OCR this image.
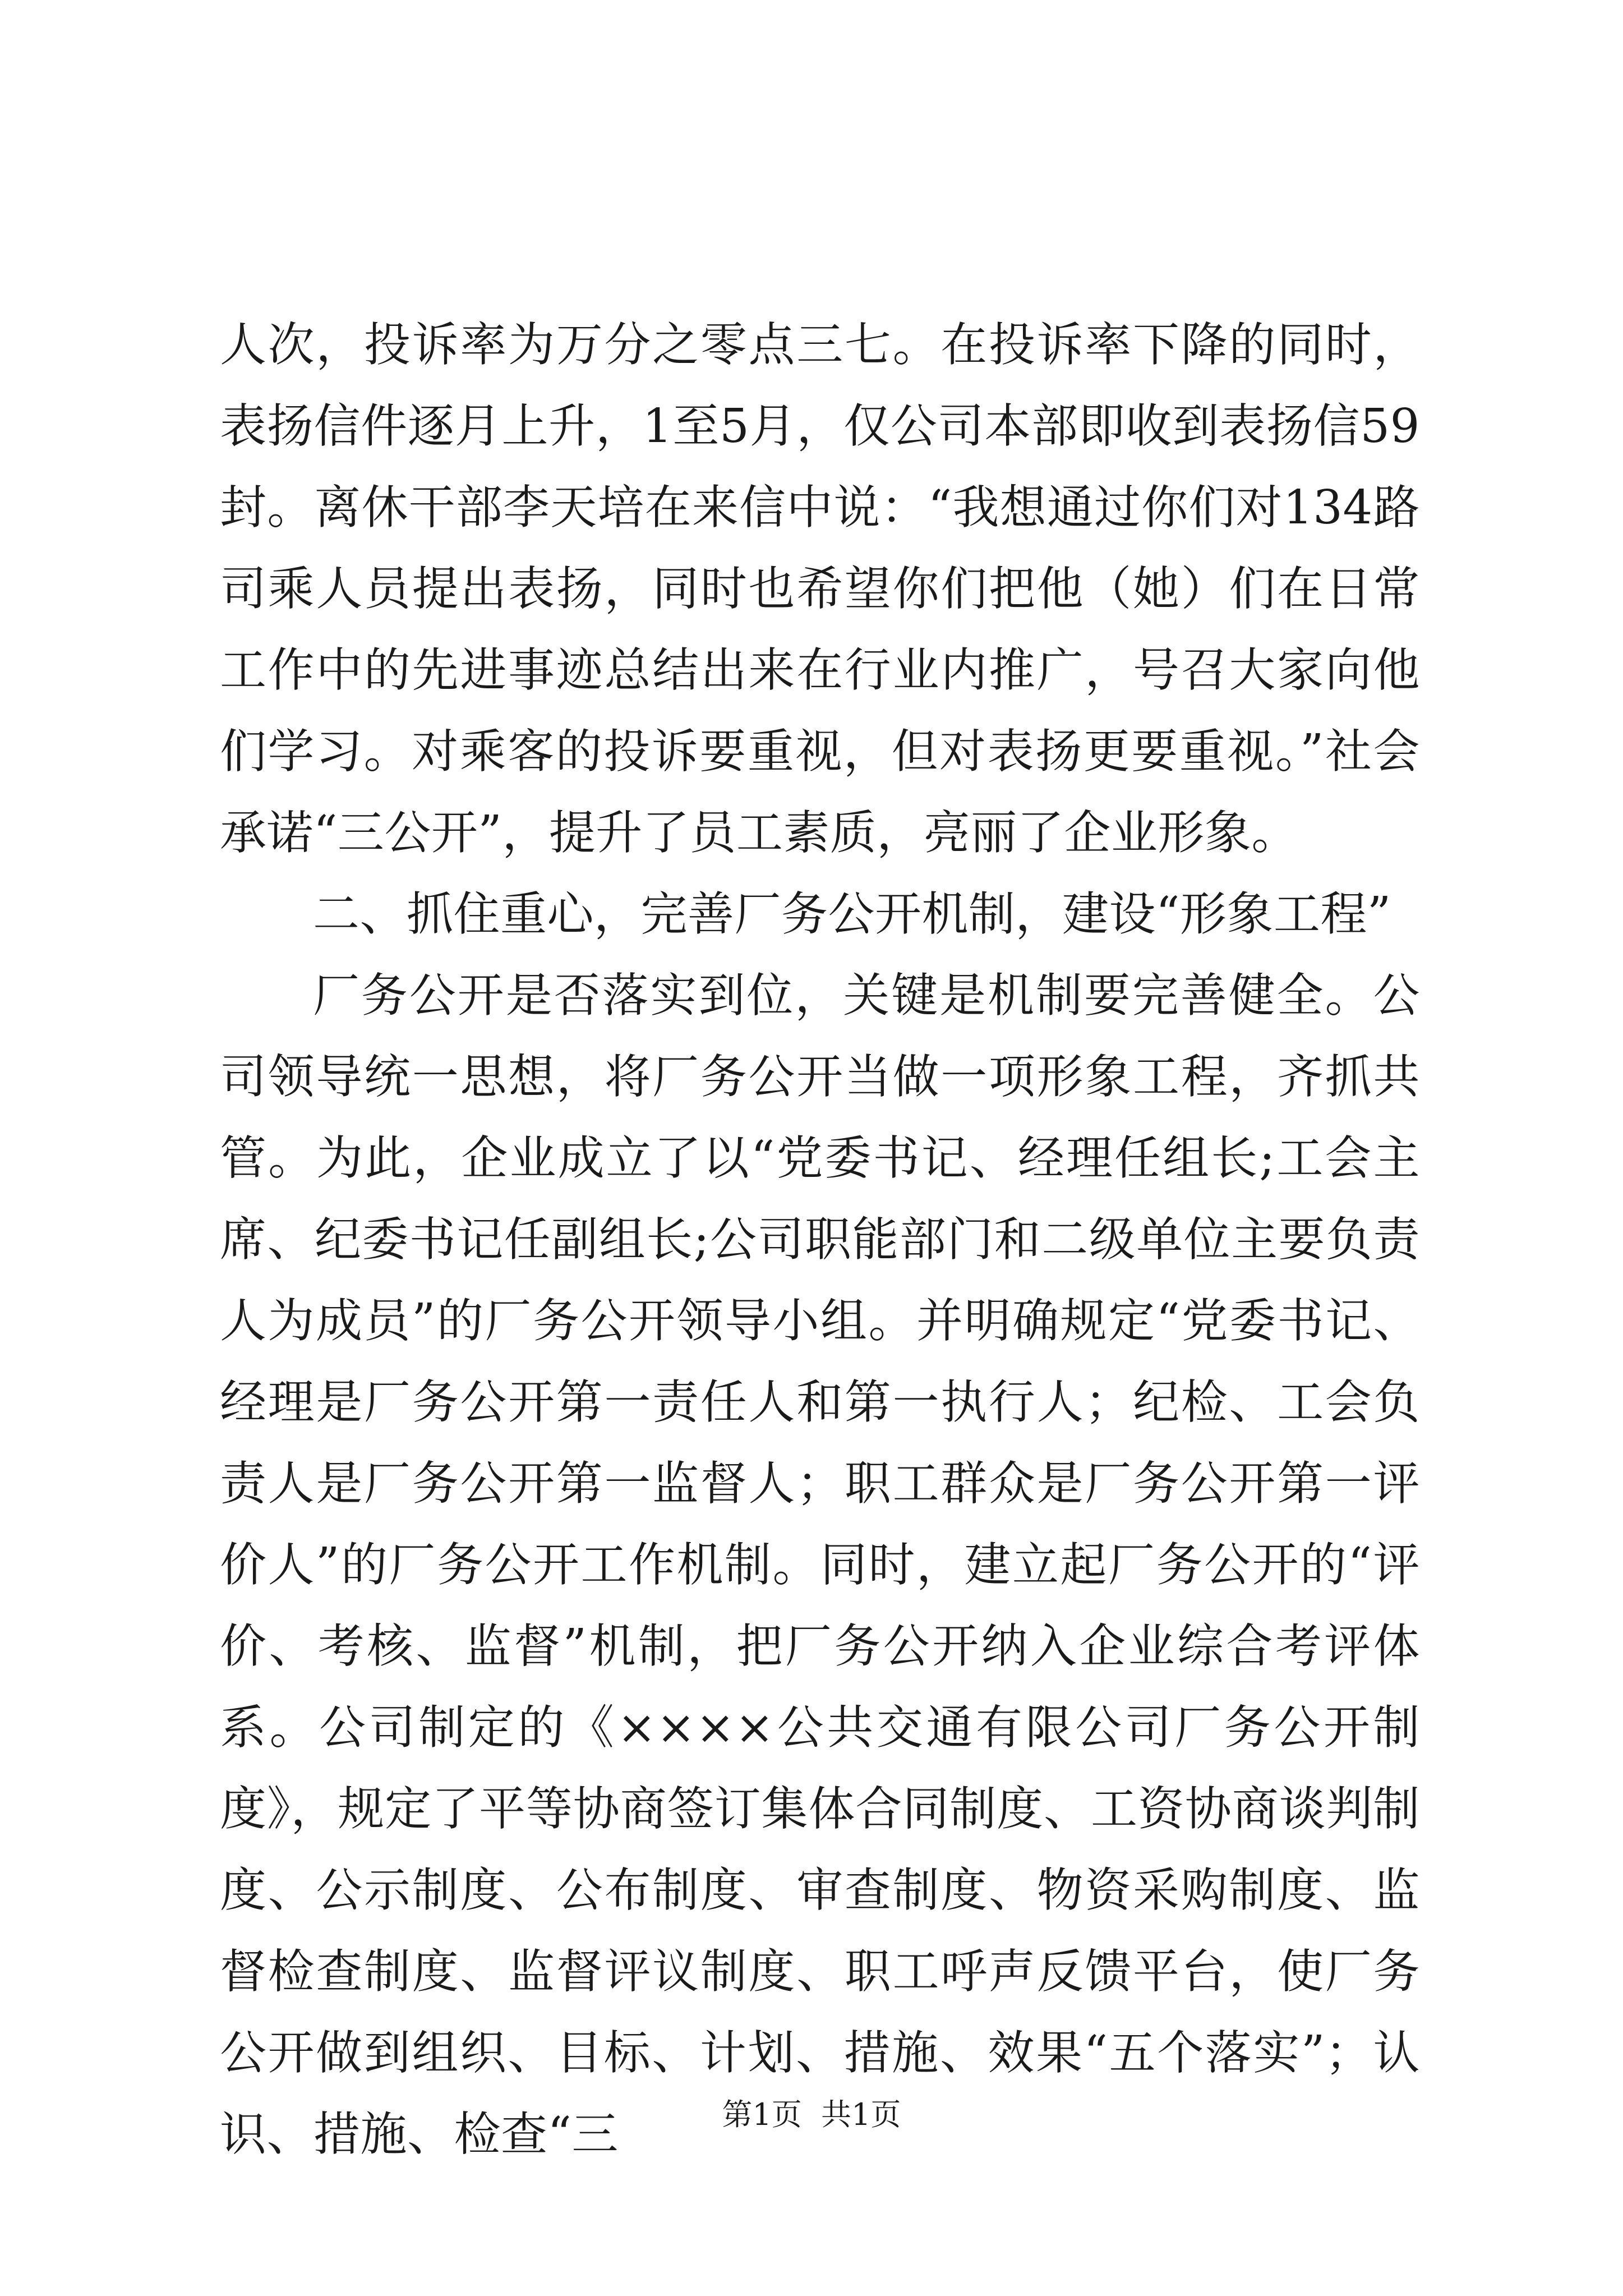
人次，投诉率为万分之零点三七。在投诉率下降的同时，表扬信件逐月上升，1至5月，仅公司本部即收到表扬信59封。离休干部李天培在来信中说：“我想通过你们对134路司乘人员提出表扬，同时也希望你们把他（她）们在日常工作中的先进事迹总结出来在行业内推广，号召大家向他们学习。对乘客的投诉要重视，但对表扬更要重视。”社会承诺“三公开”，提升了员工素质，亮丽了企业形象。

二、抓住重心，完善厂务公开机制，建设“形象工程”

厂务公开是否落实到位，关键是机制要完善健全。公司领导统一思想，将厂务公开当做一项形象工程，齐抓共管。为此，企业成立了以“党委书记、经理任组长;工会主席、纪委书记任副组长;公司职能部门和二级单位主要负责人为成员”的厂务公开领导小组。并明确规定“党委书记、经理是厂务公开第一责任人和第一执行人；纪检、工会负责人是厂务公开第一监督人；职工群众是厂务公开第一评价人”的厂务公开工作机制。同时，建立起厂务公开的“评价、考核、监督”机制，把厂务公开纳入企业综合考评体系。公司制定的《××××公共交通有限公司厂务公开制度》，规定了平等协商签订集体合同制度、工资协商谈判制度、公示制度、公布制度、审查制度、物资采购制度、监督检查制度、监督评议制度、职工呼声反馈平台，使厂务公开做到组织、目标、计划、措施、效果“五个落实”；认识、措施、检查“三	第1页  共1页
